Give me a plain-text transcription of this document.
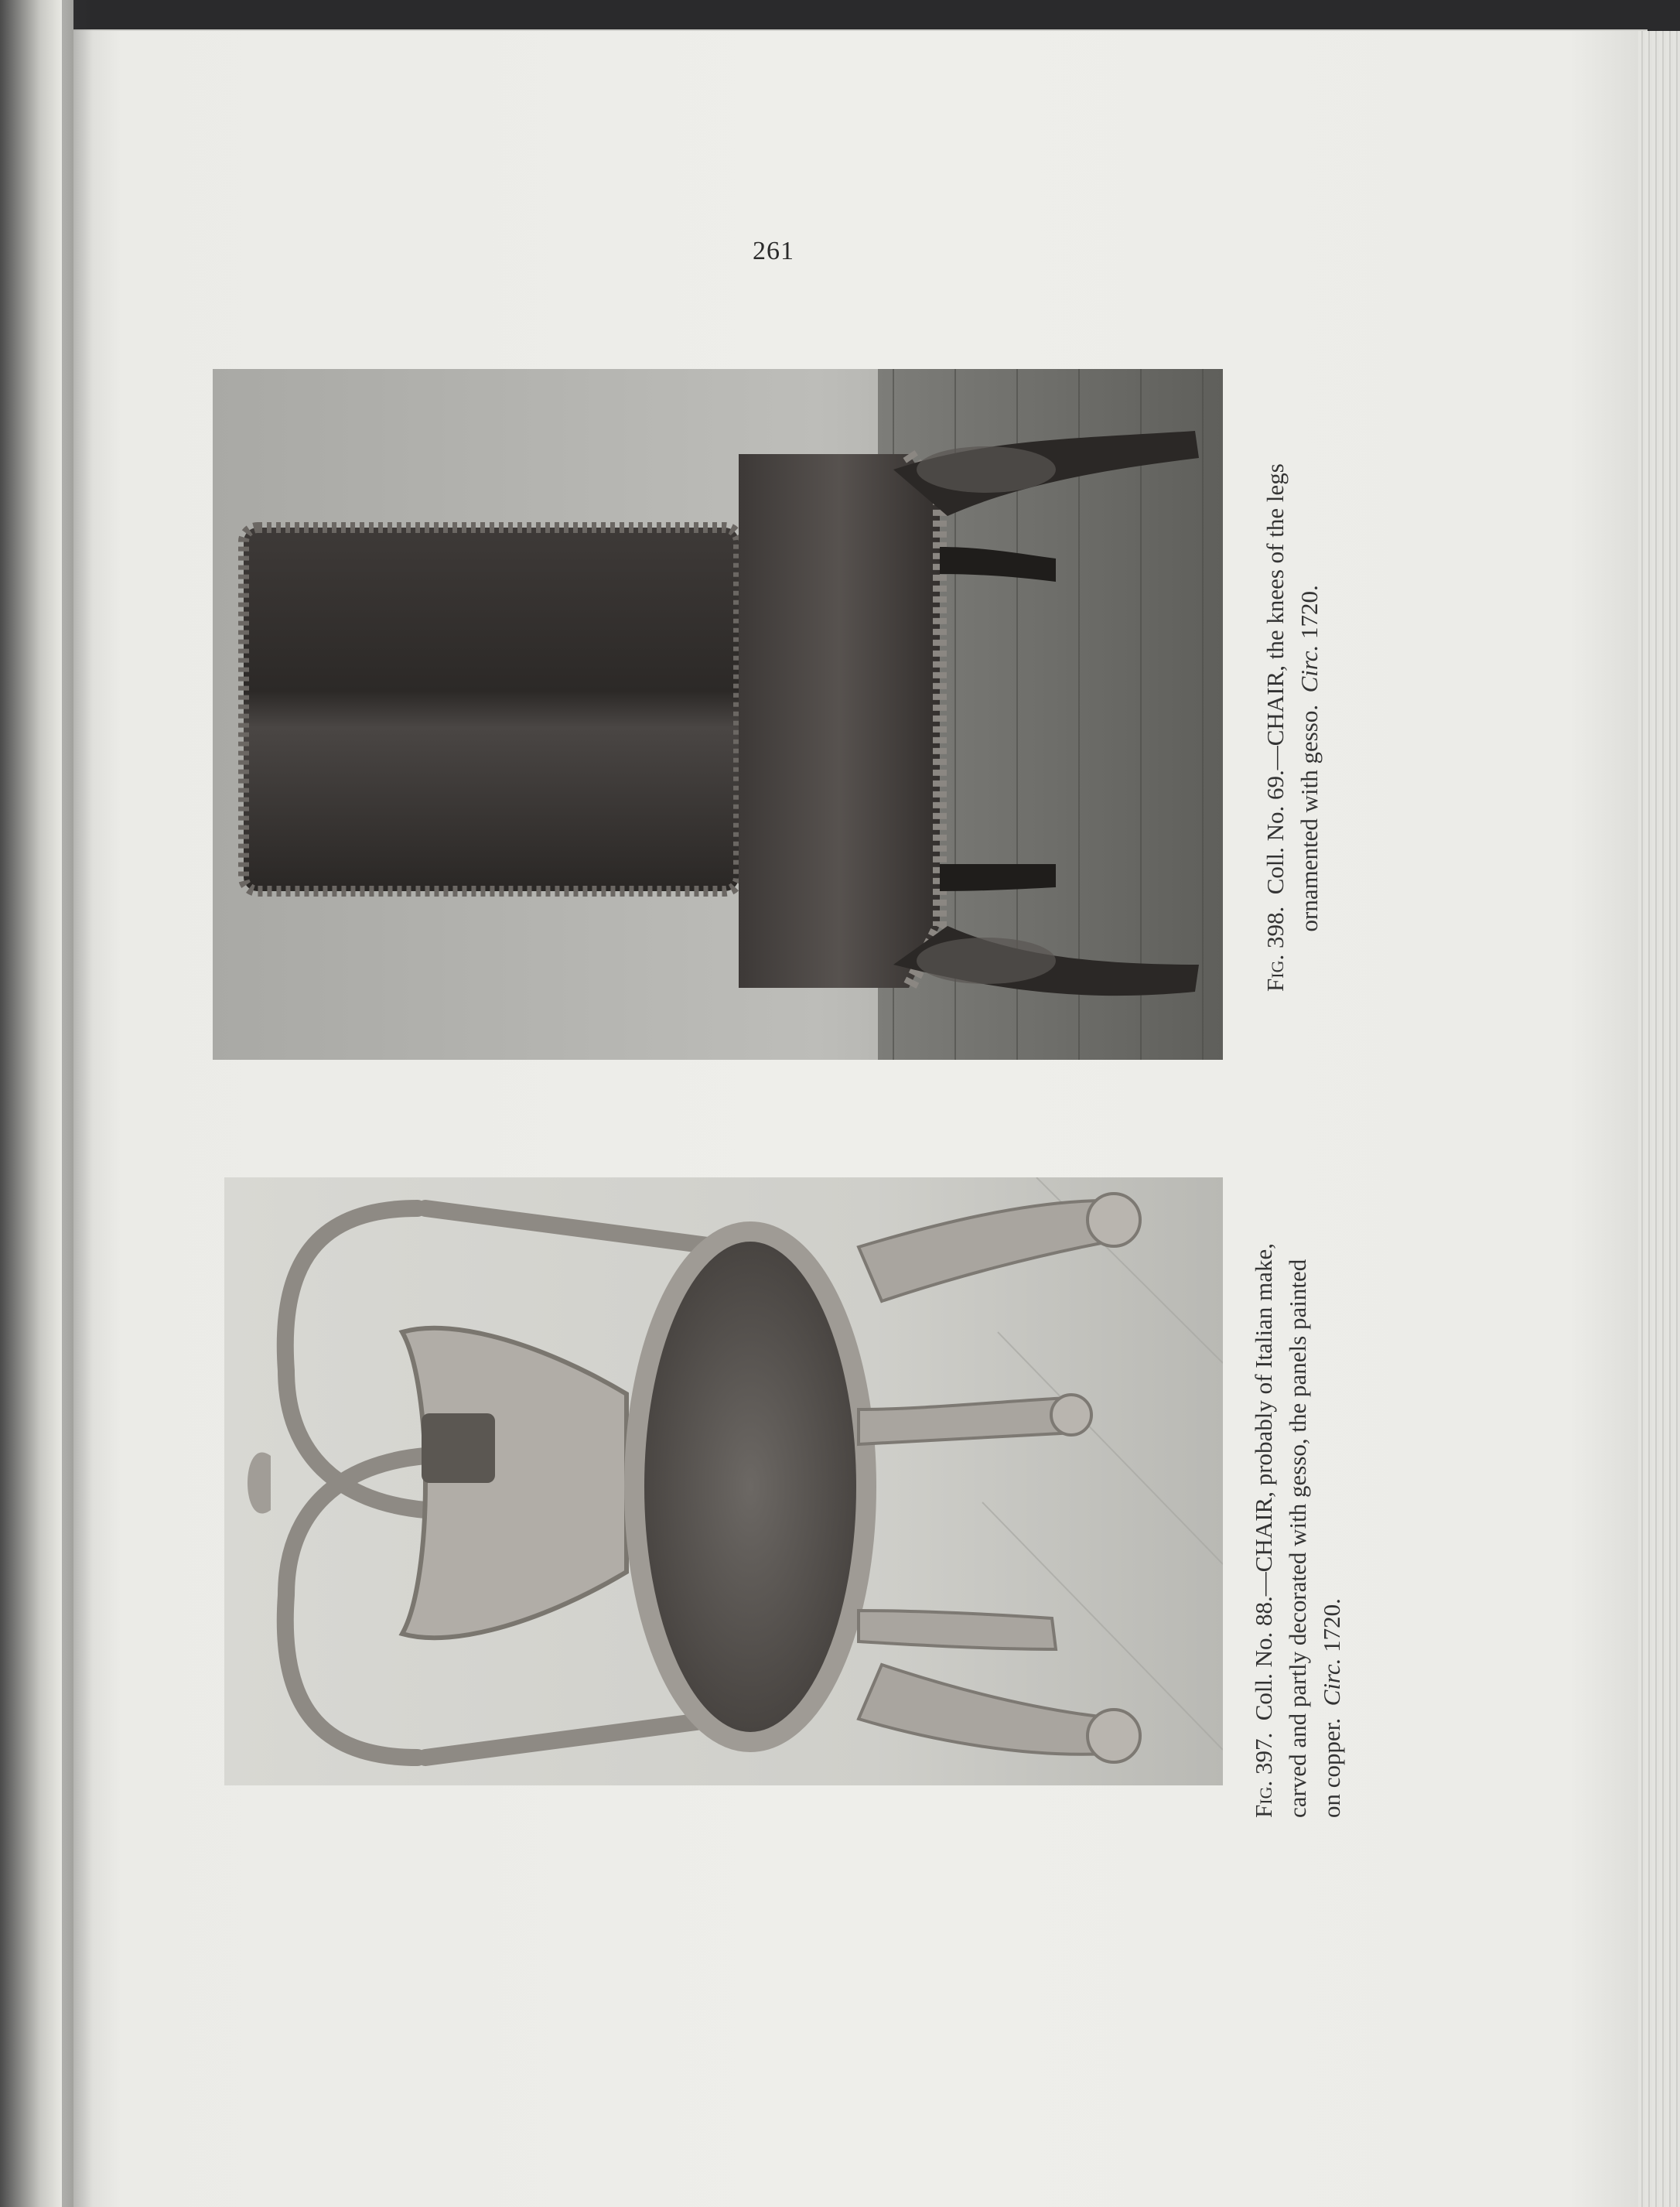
261
Fig. 398.  Coll. No. 69.—CHAIR, the knees of the legs ornamented with gesso.  Circ. 1720.
Fig. 397.  Coll. No. 88.—CHAIR, probably of Italian make, carved and partly decorated with gesso, the panels painted on copper.  Circ. 1720.
